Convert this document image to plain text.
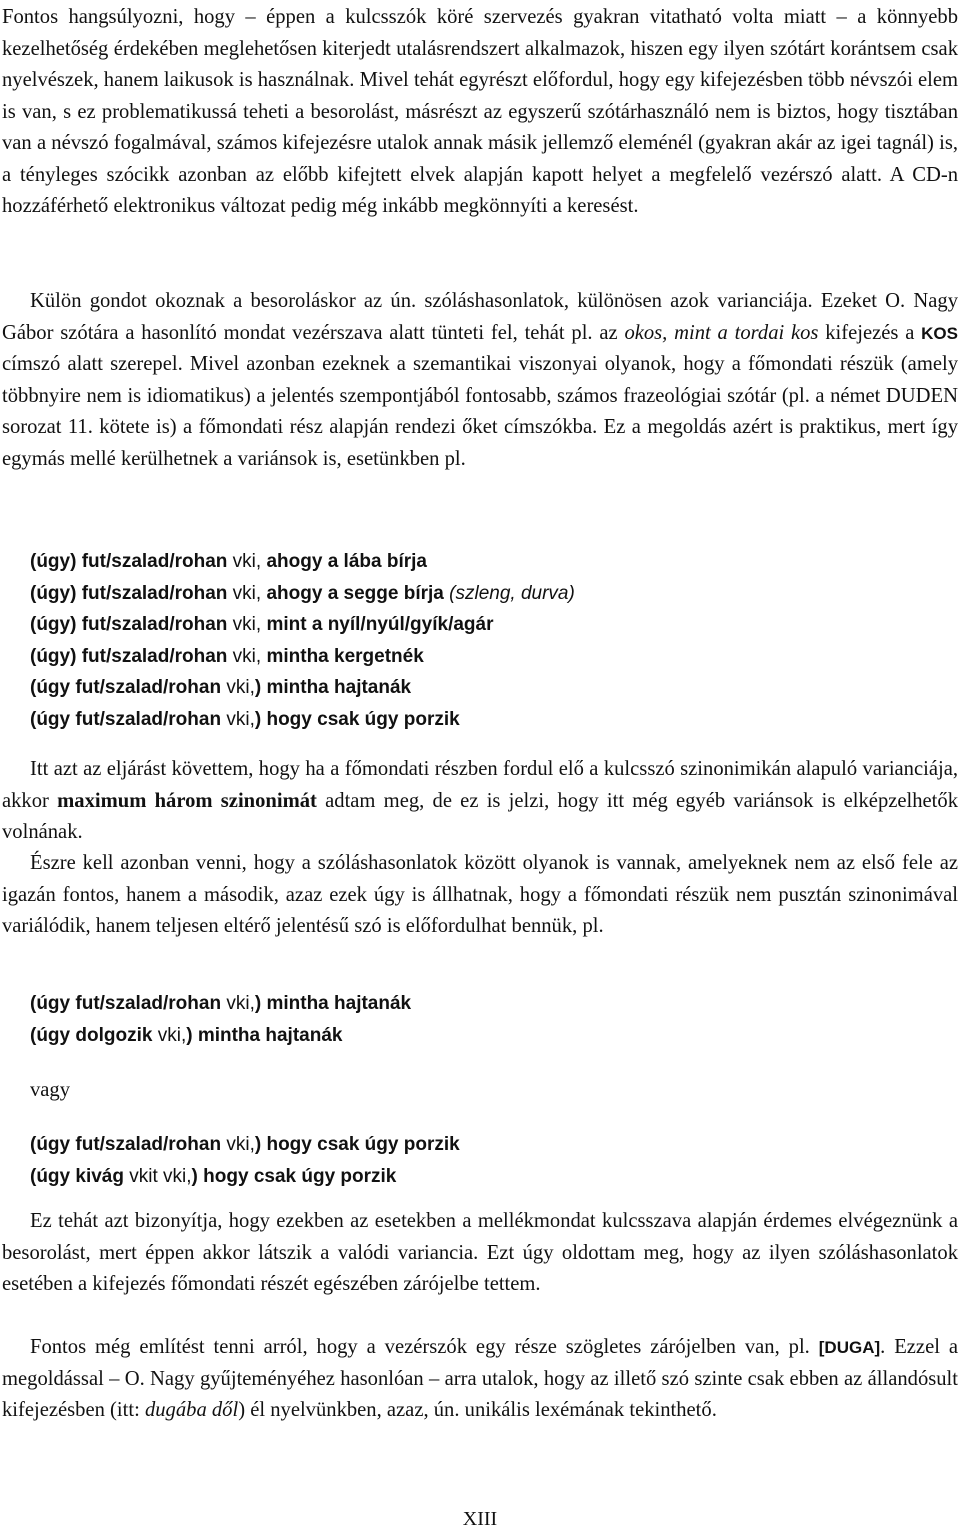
Fontos hangsúlyozni, hogy – éppen a kulcsszók köré szervezés gyakran vitatható volta miatt – a könnyebb kezelhetőség érdekében meglehetősen kiterjedt utalásrendszert alkalmazok, hiszen egy ilyen szótárt korántsem csak nyelvészek, hanem laikusok is használnak. Mivel tehát egyrészt előfordul, hogy egy kifejezésben több névszói elem is van, s ez problematikussá teheti a besorolást, másrészt az egyszerű szótárhasználó nem is biztos, hogy tisztában van a névszó fogalmával, számos kifejezésre utalok annak másik jellemző eleménél (gyakran akár az igei tagnál) is, a tényleges szócikk azonban az előbb kifejtett elvek alapján kapott helyet a megfelelő vezérszó alatt. A CD-n hozzáférhető elektronikus változat pedig még inkább megkönnyíti a keresést.

Külön gondot okoznak a besoroláskor az ún. szóláshasonlatok, különösen azok varianciája. Ezeket O. Nagy Gábor szótára a hasonlító mondat vezérszava alatt tünteti fel, tehát pl. az okos, mint a tordai kos kifejezés a KOS címszó alatt szerepel. Mivel azonban ezeknek a szemantikai viszonyai olyanok, hogy a főmondati részük (amely többnyire nem is idiomatikus) a jelentés szempontjából fontosabb, számos frazeológiai szótár (pl. a német DUDEN sorozat 11. kötete is) a főmondati rész alapján rendezi őket címszókba. Ez a megoldás azért is praktikus, mert így egymás mellé kerülhetnek a variánsok is, esetünkben pl.

(úgy) fut/szalad/rohan vki, ahogy a lába bírja
(úgy) fut/szalad/rohan vki, ahogy a segge bírja (szleng, durva)
(úgy) fut/szalad/rohan vki, mint a nyíl/nyúl/gyík/agár
(úgy) fut/szalad/rohan vki, mintha kergetnék
(úgy fut/szalad/rohan vki,) mintha hajtanák
(úgy fut/szalad/rohan vki,) hogy csak úgy porzik

Itt azt az eljárást követtem, hogy ha a főmondati részben fordul elő a kulcsszó szinonimikán alapuló varianciája, akkor maximum három szinonimát adtam meg, de ez is jelzi, hogy itt még egyéb variánsok is elképzelhetők volnának.

Észre kell azonban venni, hogy a szóláshasonlatok között olyanok is vannak, amelyeknek nem az első fele az igazán fontos, hanem a második, azaz ezek úgy is állhatnak, hogy a főmondati részük nem pusztán szinonimával variálódik, hanem teljesen eltérő jelentésű szó is előfordulhat bennük, pl.

(úgy fut/szalad/rohan vki,) mintha hajtanák
(úgy dolgozik vki,) mintha hajtanák
vagy
(úgy fut/szalad/rohan vki,) hogy csak úgy porzik
(úgy kivág vkit vki,) hogy csak úgy porzik

Ez tehát azt bizonyítja, hogy ezekben az esetekben a mellékmondat kulcsszava alapján érdemes elvégeznünk a besorolást, mert éppen akkor látszik a valódi variancia. Ezt úgy oldottam meg, hogy az ilyen szóláshasonlatok esetében a kifejezés főmondati részét egészében zárójelbe tettem.

Fontos még említést tenni arról, hogy a vezérszók egy része szögletes zárójelben van, pl. [DUGA]. Ezzel a megoldással – O. Nagy gyűjteményéhez hasonlóan – arra utalok, hogy az illető szó szinte csak ebben az állandósult kifejezésben (itt: dugába dől) él nyelvünkben, azaz, ún. unikális lexémának tekinthető.

XIII
